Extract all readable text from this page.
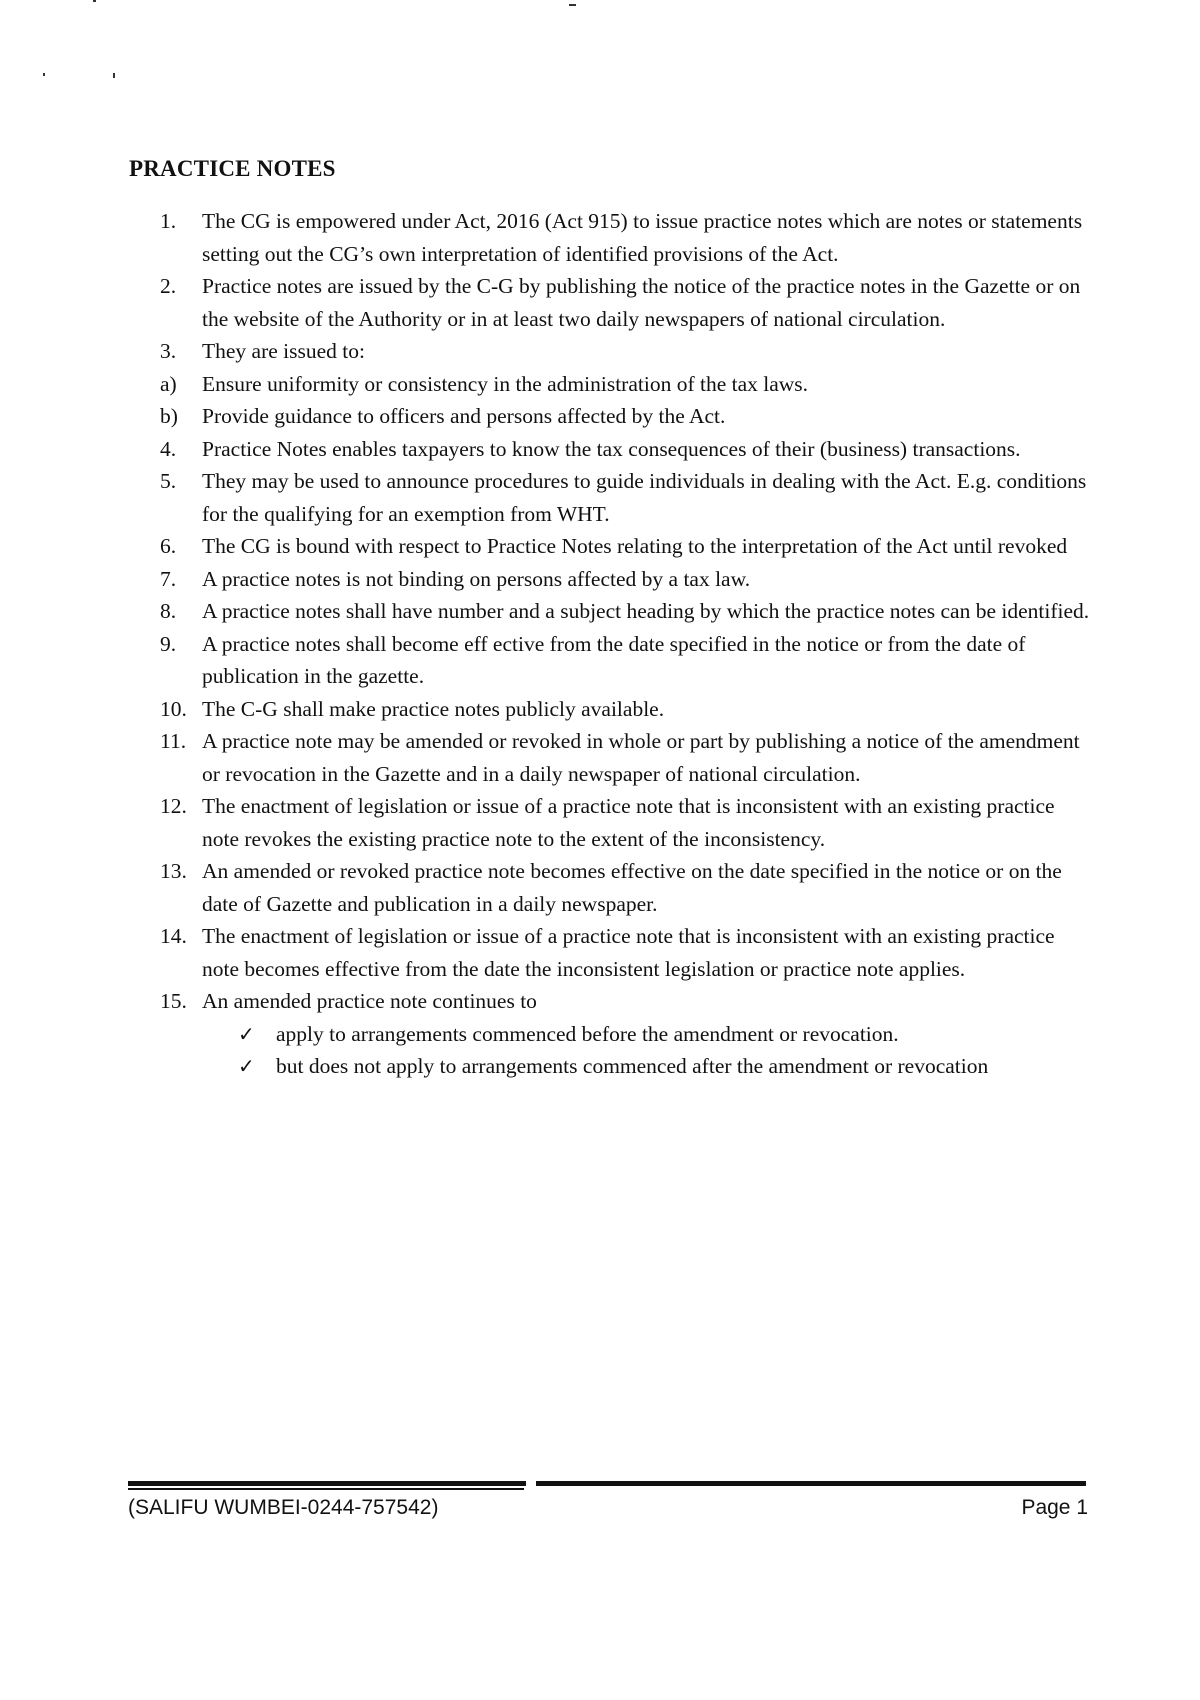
PRACTICE NOTES
1.	The CG is empowered under Act, 2016 (Act 915) to issue practice notes which are notes or statements setting out the CG’s own interpretation of identified provisions of the Act.
2.	Practice notes are issued by the C-G by publishing the notice of the practice notes in the Gazette or on the website of the Authority or in at least two daily newspapers of national circulation.
3.	They are issued to:
a)	Ensure uniformity or consistency in the administration of the tax laws.
b)	Provide guidance to officers and persons affected by the Act.
4.	Practice Notes enables taxpayers to know the tax consequences of their (business) transactions.
5.	They may be used to announce procedures to guide individuals in dealing with the Act. E.g. conditions for the qualifying for an exemption from WHT.
6.	The CG is bound with respect to Practice Notes relating to the interpretation of the Act until revoked
7.	A practice notes is not binding on persons affected by a tax law.
8.	A practice notes shall have number and a subject heading by which the practice notes can be identified.
9.	A practice notes shall become eff ective from the date specified in the notice or from the date of publication in the gazette.
10. The C-G shall make practice notes publicly available.
11. A practice note may be amended or revoked in whole or part by publishing a notice of the amendment or revocation in the Gazette and in a daily newspaper of national circulation.
12. The enactment of legislation or issue of a practice note that is inconsistent with an existing practice note revokes the existing practice note to the extent of the inconsistency.
13. An amended or revoked practice note becomes effective on the date specified in the notice or on the date of Gazette and publication in a daily newspaper.
14. The enactment of legislation or issue of a practice note that is inconsistent with an existing practice note becomes effective from the date the inconsistent legislation or practice note applies.
15. An amended practice note continues to
✓ apply to arrangements commenced before the amendment or revocation.
✓ but does not apply to arrangements commenced after the amendment or revocation
(SALIFU WUMBEI-0244-757542)	Page 1
